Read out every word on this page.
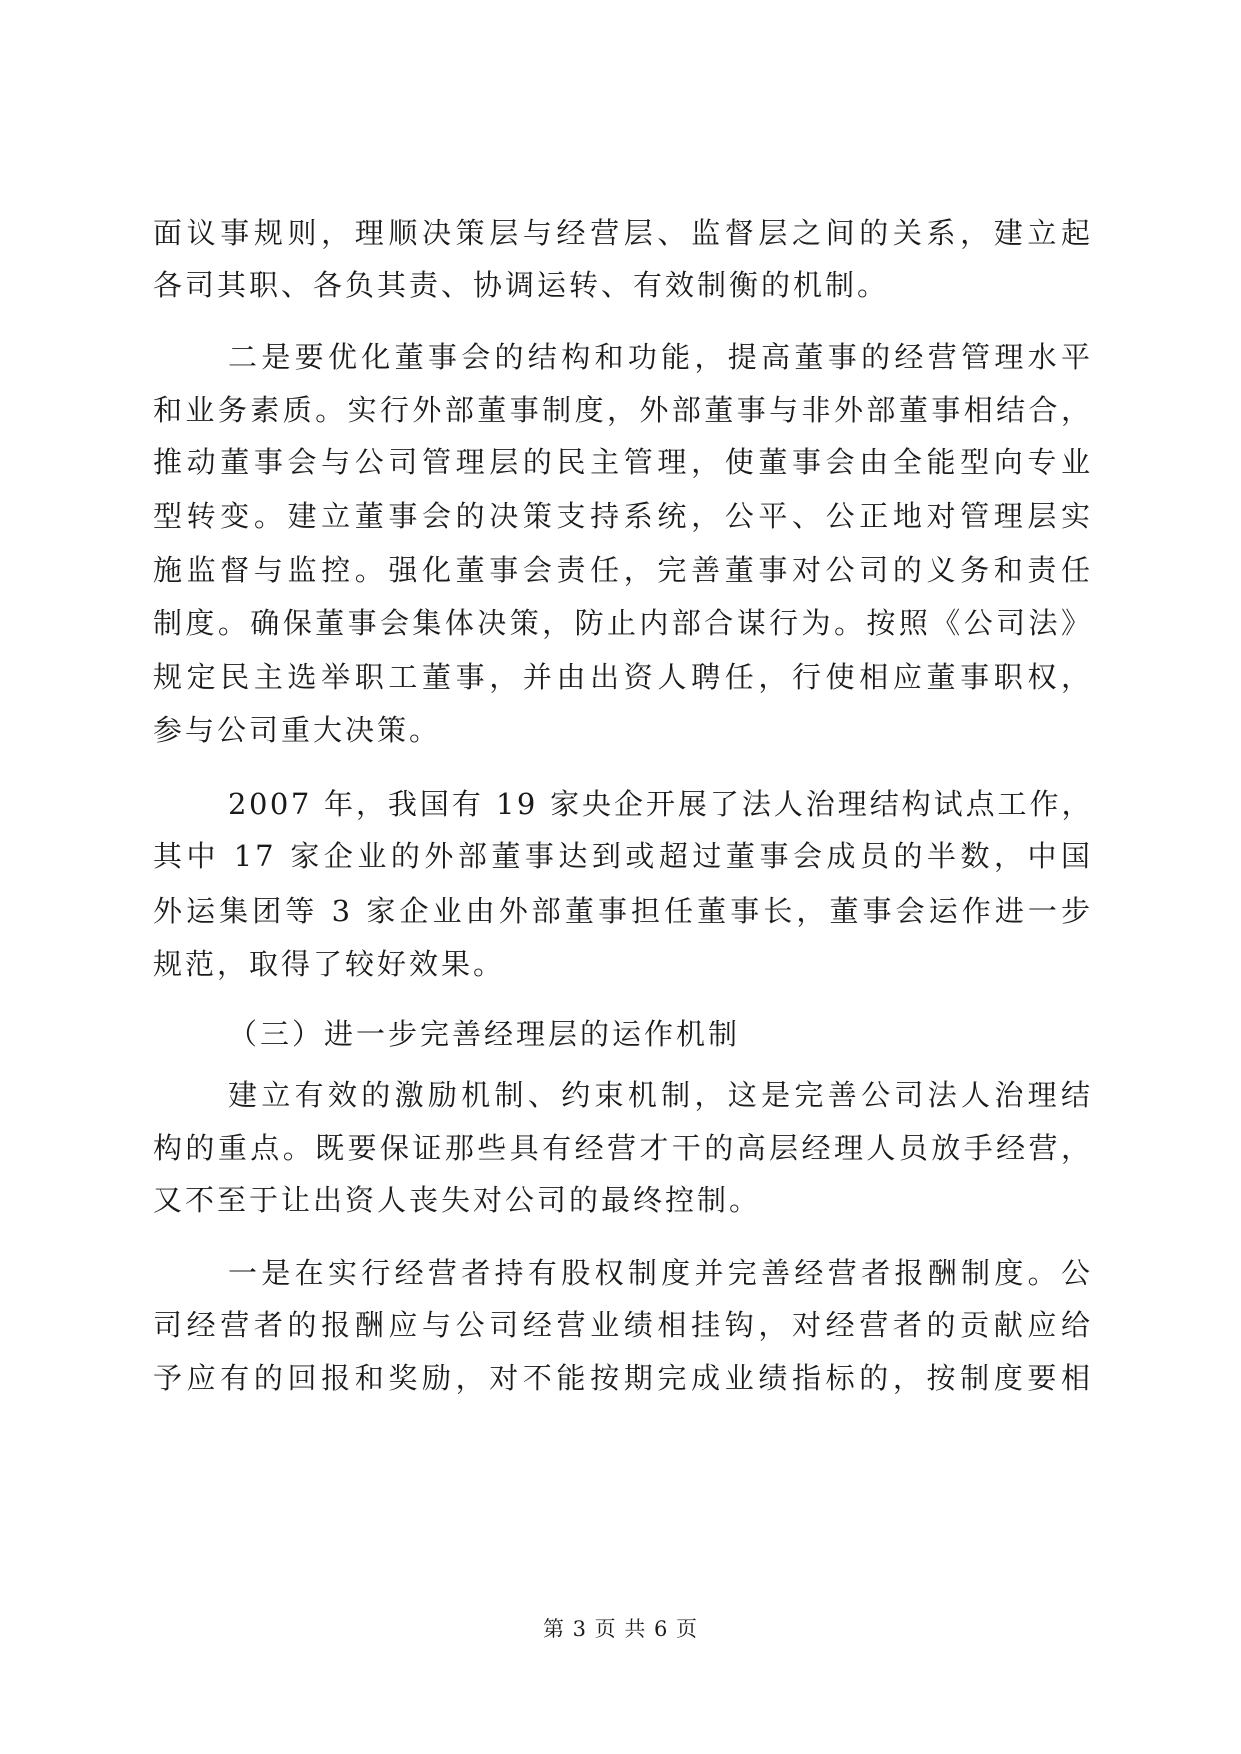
面议事规则，理顺决策层与经营层、监督层之间的关系，建立起
各司其职、各负其责、协调运转、有效制衡的机制。
二是要优化董事会的结构和功能，提高董事的经营管理水平
和业务素质。实行外部董事制度，外部董事与非外部董事相结合，
推动董事会与公司管理层的民主管理，使董事会由全能型向专业
型转变。建立董事会的决策支持系统，公平、公正地对管理层实
施监督与监控。强化董事会责任，完善董事对公司的义务和责任
制度。确保董事会集体决策，防止内部合谋行为。按照《公司法》
规定民主选举职工董事，并由出资人聘任，行使相应董事职权，
参与公司重大决策。
2007 年，我国有 19 家央企开展了法人治理结构试点工作，
其中 17 家企业的外部董事达到或超过董事会成员的半数，中国
外运集团等 3 家企业由外部董事担任董事长，董事会运作进一步
规范，取得了较好效果。
（三）进一步完善经理层的运作机制
建立有效的激励机制、约束机制，这是完善公司法人治理结
构的重点。既要保证那些具有经营才干的高层经理人员放手经营，
又不至于让出资人丧失对公司的最终控制。
一是在实行经营者持有股权制度并完善经营者报酬制度。公
司经营者的报酬应与公司经营业绩相挂钩，对经营者的贡献应给
予应有的回报和奖励，对不能按期完成业绩指标的，按制度要相
第 3 页 共 6 页
